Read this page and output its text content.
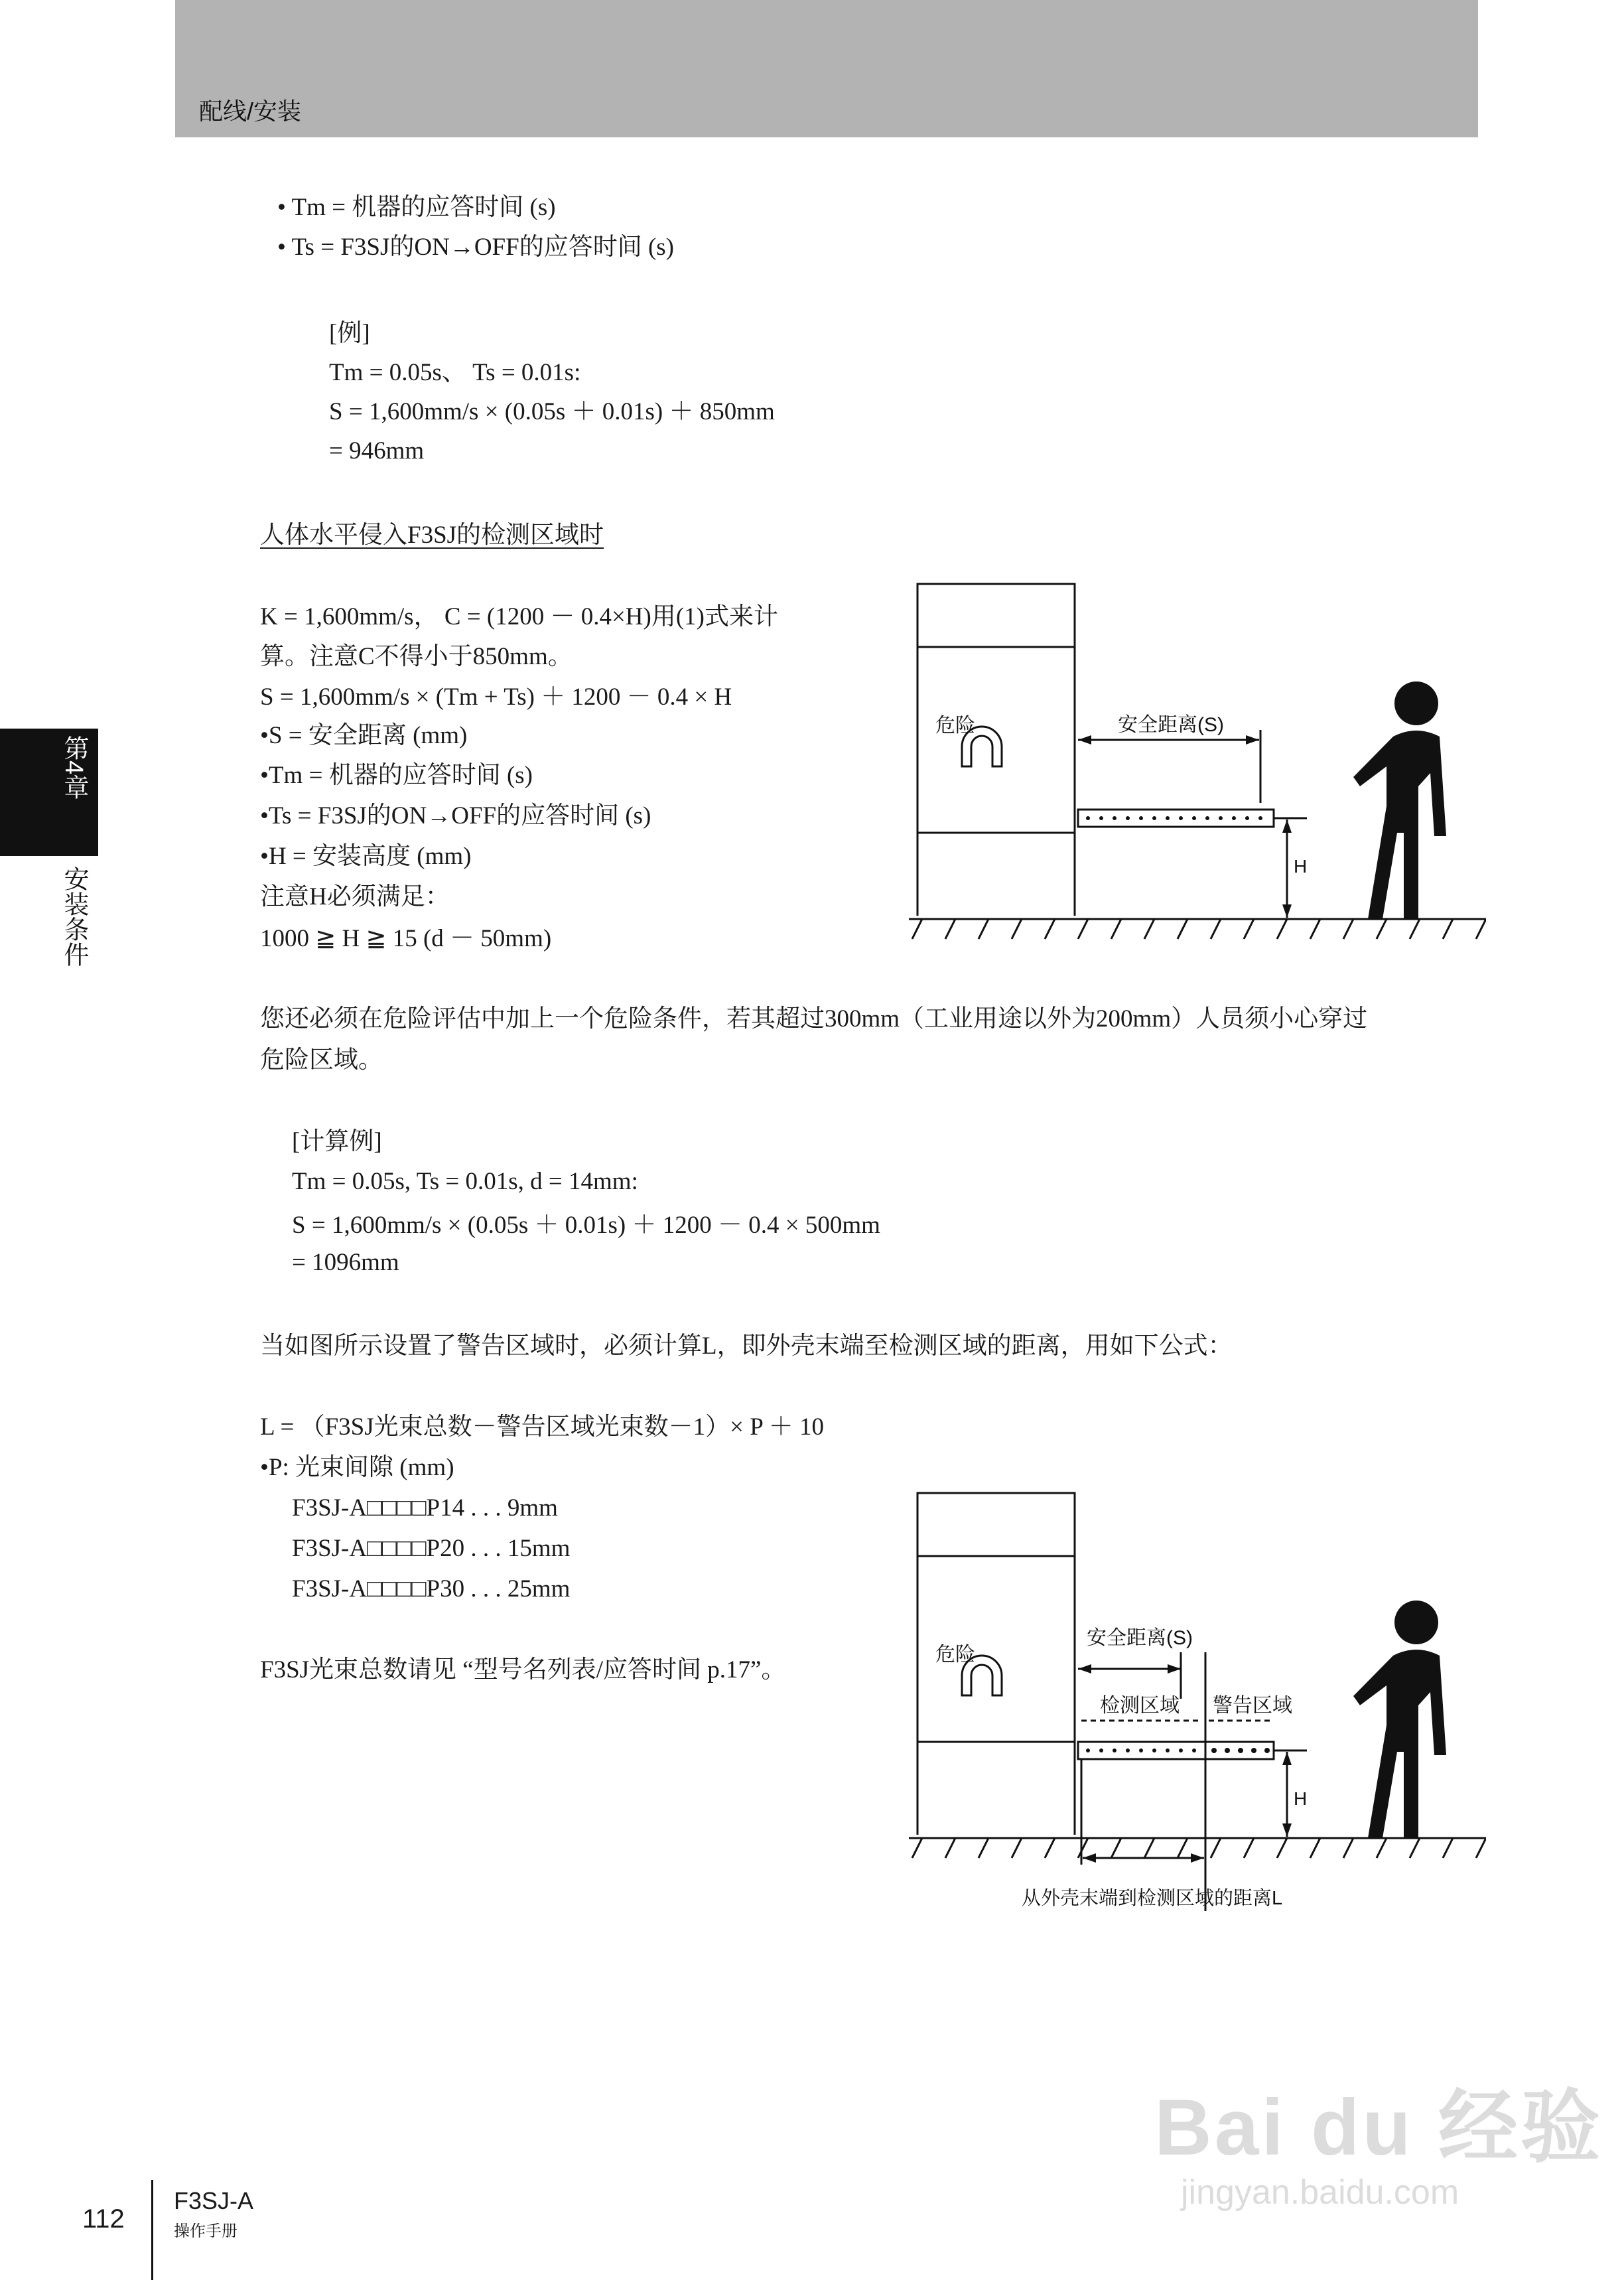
配线/安装
第4章
安装条件
• Tm = 机器的应答时间 (s)
• Ts = F3SJ的ON→OFF的应答时间 (s)
[例]
Tm = 0.05s、 Ts = 0.01s:
S = 1,600mm/s × (0.05s ＋ 0.01s) ＋ 850mm
= 946mm
人体水平侵入F3SJ的检测区域时
K = 1,600mm/s， C = (1200 － 0.4×H)用(1)式来计
算。注意C不得小于850mm。
S = 1,600mm/s × (Tm + Ts) ＋ 1200 － 0.4 × H
•S = 安全距离 (mm)
•Tm = 机器的应答时间 (s)
•Ts = F3SJ的ON→OFF的应答时间 (s)
•H = 安装高度 (mm)
注意H必须满足：
1000 ≧ H ≧ 15 (d － 50mm)
您还必须在危险评估中加上一个危险条件，若其超过300mm（工业用途以外为200mm）人员须小心穿过
危险区域。
[计算例]
Tm = 0.05s, Ts = 0.01s, d = 14mm:
S = 1,600mm/s × (0.05s ＋ 0.01s) ＋ 1200 － 0.4 × 500mm
= 1096mm
当如图所示设置了警告区域时，必须计算L，即外壳末端至检测区域的距离，用如下公式：
L = （F3SJ光束总数－警告区域光束数－1）× P ＋ 10
•P: 光束间隙 (mm)
F3SJ-A□□□□P14 . . . 9mm
F3SJ-A□□□□P20 . . . 15mm
F3SJ-A□□□□P30 . . . 25mm
F3SJ光束总数请见 “型号名列表/应答时间 p.17”。
危险	安全距离(S)
H
危险
安全距离(S)
检测区域 警告区域
H
从外壳末端到检测区域的距离L
112
F3SJ-A
操作手册
Bai du 经验
jingyan.baidu.com
